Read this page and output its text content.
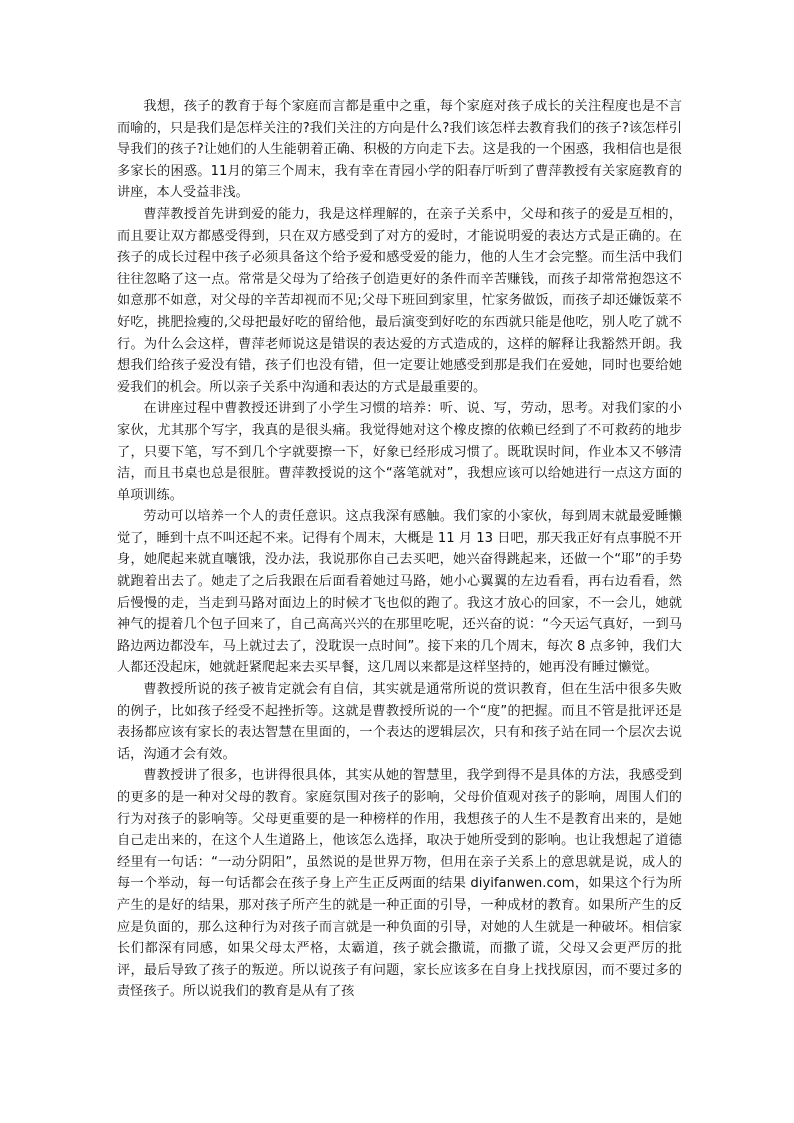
我想，孩子的教育于每个家庭而言都是重中之重，每个家庭对孩子成长的关注程度也是不言而喻的，只是我们是怎样关注的?我们关注的方向是什么?我们该怎样去教育我们的孩子?该怎样引导我们的孩子?让她们的人生能朝着正确、积极的方向走下去。这是我的一个困惑，我相信也是很多家长的困惑。11月的第三个周末，我有幸在青园小学的阳春厅听到了曹萍教授有关家庭教育的讲座，本人受益非浅。

曹萍教授首先讲到爱的能力，我是这样理解的，在亲子关系中，父母和孩子的爱是互相的，而且要让双方都感受得到，只在双方感受到了对方的爱时，才能说明爱的表达方式是正确的。在孩子的成长过程中孩子必须具备这个给予爱和感受爱的能力，他的人生才会完整。而生活中我们往往忽略了这一点。常常是父母为了给孩子创造更好的条件而辛苦赚钱，而孩子却常常抱怨这不如意那不如意，对父母的辛苦却视而不见;父母下班回到家里，忙家务做饭，而孩子却还嫌饭菜不好吃，挑肥捡瘦的,父母把最好吃的留给他，最后演变到好吃的东西就只能是他吃，别人吃了就不行。为什么会这样，曹萍老师说这是错误的表达爱的方式造成的，这样的解释让我豁然开朗。我想我们给孩子爱没有错，孩子们也没有错，但一定要让她感受到那是我们在爱她，同时也要给她爱我们的机会。所以亲子关系中沟通和表达的方式是最重要的。

在讲座过程中曹教授还讲到了小学生习惯的培养：听、说、写，劳动，思考。对我们家的小家伙，尤其那个写字，我真的是很头痛。我觉得她对这个橡皮擦的依赖已经到了不可救药的地步了，只要下笔，写不到几个字就要擦一下，好象已经形成习惯了。既耽误时间，作业本又不够清洁，而且书桌也总是很脏。曹萍教授说的这个“落笔就对”，我想应该可以给她进行一点这方面的单项训练。

劳动可以培养一个人的责任意识。这点我深有感触。我们家的小家伙，每到周末就最爱睡懒觉了，睡到十点不叫还起不来。记得有个周末，大概是 11 月 13 日吧，那天我正好有点事脱不开身，她爬起来就直嚷饿，没办法，我说那你自己去买吧，她兴奋得跳起来，还做一个“耶”的手势就跑着出去了。她走了之后我跟在后面看着她过马路，她小心翼翼的左边看看，再右边看看，然后慢慢的走，当走到马路对面边上的时候才飞也似的跑了。我这才放心的回家，不一会儿，她就神气的提着几个包子回来了，自己高高兴兴的在那里吃呢，还兴奋的说：“今天运气真好，一到马路边两边都没车，马上就过去了，没耽误一点时间”。接下来的几个周末，每次 8 点多钟，我们大人都还没起床，她就赶紧爬起来去买早餐，这几周以来都是这样坚持的，她再没有睡过懒觉。

曹教授所说的孩子被肯定就会有自信，其实就是通常所说的赏识教育，但在生活中很多失败的例子，比如孩子经受不起挫折等。这就是曹教授所说的一个“度”的把握。而且不管是批评还是表扬都应该有家长的表达智慧在里面的，一个表达的逻辑层次，只有和孩子站在同一个层次去说话，沟通才会有效。

曹教授讲了很多，也讲得很具体，其实从她的智慧里，我学到得不是具体的方法，我感受到的更多的是一种对父母的教育。家庭氛围对孩子的影响，父母价值观对孩子的影响，周围人们的行为对孩子的影响等。父母更重要的是一种榜样的作用，我想孩子的人生不是教育出来的，是她自己走出来的，在这个人生道路上，他该怎么选择，取决于她所受到的影响。也让我想起了道德经里有一句话：“一动分阴阳”，虽然说的是世界万物，但用在亲子关系上的意思就是说，成人的每一个举动，每一句话都会在孩子身上产生正反两面的结果 diyifanwen.com，如果这个行为所产生的是好的结果，那对孩子所产生的就是一种正面的引导，一种成材的教育。如果所产生的反应是负面的，那么这种行为对孩子而言就是一种负面的引导，对她的人生就是一种破坏。相信家长们都深有同感，如果父母太严格，太霸道，孩子就会撒谎，而撒了谎，父母又会更严厉的批评，最后导致了孩子的叛逆。所以说孩子有问题，家长应该多在自身上找找原因，而不要过多的责怪孩子。所以说我们的教育是从有了孩
